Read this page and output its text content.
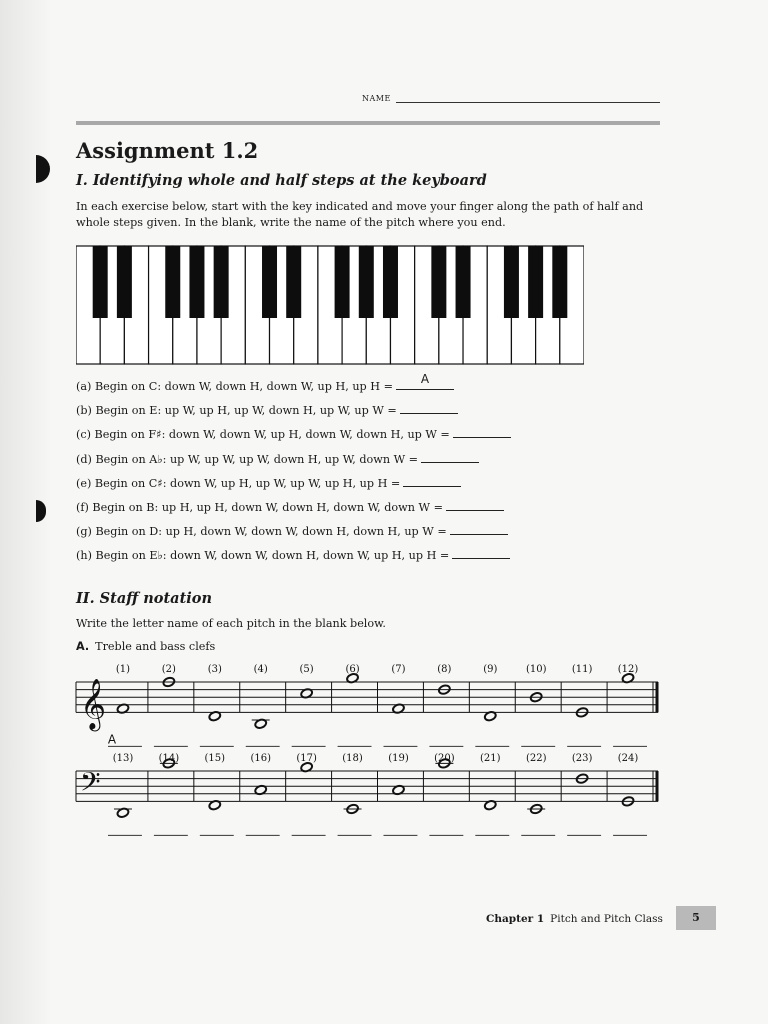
NAME
Assignment 1.2
I. Identifying whole and half steps at the keyboard
In each exercise below, start with the key indicated and move your finger along the path of half and whole steps given. In the blank, write the name of the pitch where you end.
(a) Begin on C: down W, down H, down W, up H, up H =
A
(b) Begin on E: up W, up H, up W, down H, up W, up W =
(c) Begin on F♯: down W, down W, up H, down W, down H, up W =
(d) Begin on A♭: up W, up W, up W, down H, up W, down W =
(e) Begin on C♯: down W, up H, up W, up W, up H, up H =
(f) Begin on B: up H, up H, down W, down H, down W, down W =
(g) Begin on D: up H, down W, down W, down H, down H, up W =
(h) Begin on E♭: down W, down W, down H, down W, up H, up H =
II. Staff notation
Write the letter name of each pitch in the blank below.
A. Treble and bass clefs
𝄞
(1)
A
(2)	(3)	(4)	(5)	(6)	(7)	(8)	(9)	(10)	(11)	(12)
𝄢
(13)	(14)	(15)	(16)	(17)	(18)	(19)	(20)	(21)	(22)	(23)	(24)
Chapter 1 Pitch and Pitch Class	5
